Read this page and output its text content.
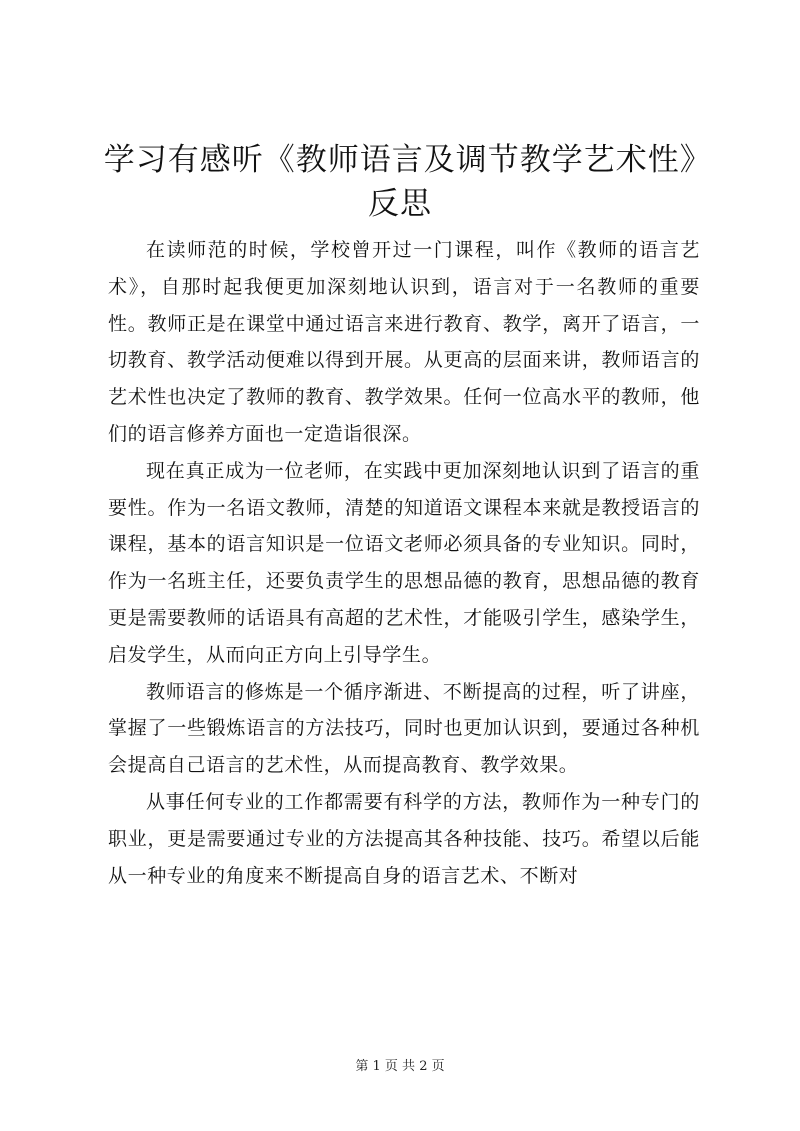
学习有感听《教师语言及调节教学艺术性》反思

在读师范的时候，学校曾开过一门课程，叫作《教师的语言艺术》，自那时起我便更加深刻地认识到，语言对于一名教师的重要性。教师正是在课堂中通过语言来进行教育、教学，离开了语言，一切教育、教学活动便难以得到开展。从更高的层面来讲，教师语言的艺术性也决定了教师的教育、教学效果。任何一位高水平的教师，他们的语言修养方面也一定造诣很深。

现在真正成为一位老师，在实践中更加深刻地认识到了语言的重要性。作为一名语文教师，清楚的知道语文课程本来就是教授语言的课程，基本的语言知识是一位语文老师必须具备的专业知识。同时，作为一名班主任，还要负责学生的思想品德的教育，思想品德的教育更是需要教师的话语具有高超的艺术性，才能吸引学生，感染学生，启发学生，从而向正方向上引导学生。

教师语言的修炼是一个循序渐进、不断提高的过程，听了讲座，掌握了一些锻炼语言的方法技巧，同时也更加认识到，要通过各种机会提高自己语言的艺术性，从而提高教育、教学效果。

从事任何专业的工作都需要有科学的方法，教师作为一种专门的职业，更是需要通过专业的方法提高其各种技能、技巧。希望以后能从一种专业的角度来不断提高自身的语言艺术、不断对

第 1 页 共 2 页
